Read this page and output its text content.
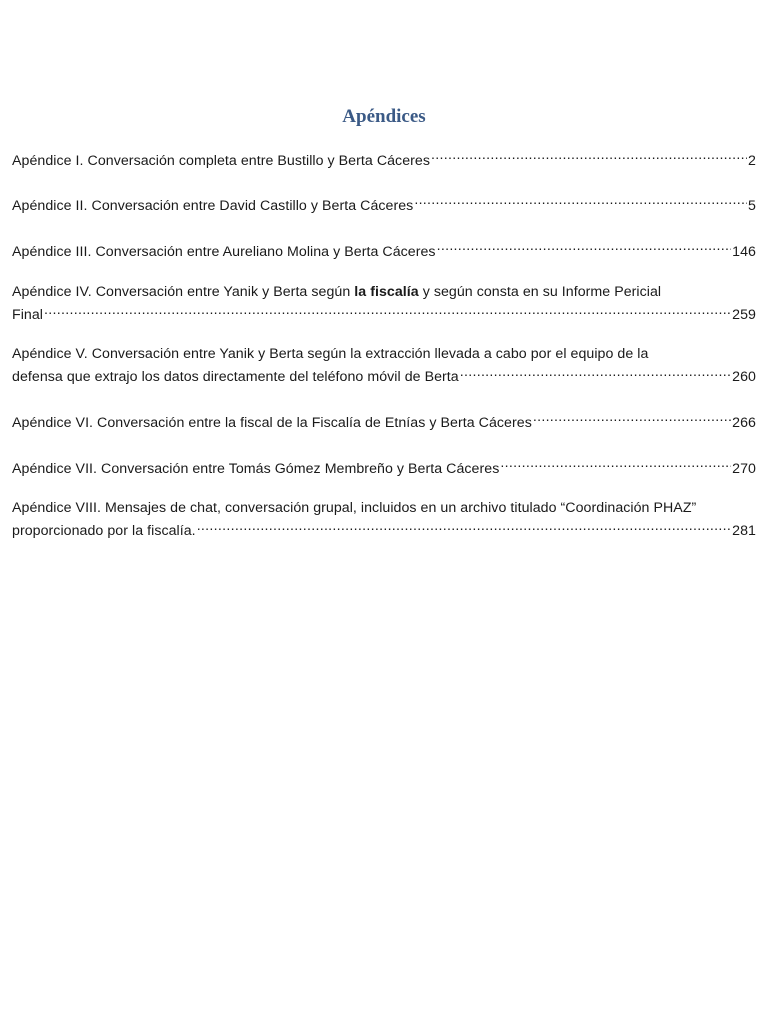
Apéndices
Apéndice I. Conversación completa entre Bustillo y Berta Cáceres .....	2
Apéndice II. Conversación entre David Castillo y Berta Cáceres .....	5
Apéndice III. Conversación entre Aureliano Molina y Berta Cáceres .....	146
Apéndice IV. Conversación entre Yanik y Berta según la fiscalía y según consta en su Informe Pericial
Final .....	259
Apéndice V. Conversación entre Yanik y Berta según la extracción llevada a cabo por el equipo de la
defensa que extrajo los datos directamente del teléfono móvil de Berta .....	260
Apéndice VI. Conversación entre la fiscal de la Fiscalía de Etnías y Berta Cáceres .....	266
Apéndice VII. Conversación entre Tomás Gómez Membreño y Berta Cáceres .....	270
Apéndice VIII. Mensajes de chat, conversación grupal, incluidos en un archivo titulado “Coordinación PHAZ”
proporcionado por la fiscalía. .....	281
